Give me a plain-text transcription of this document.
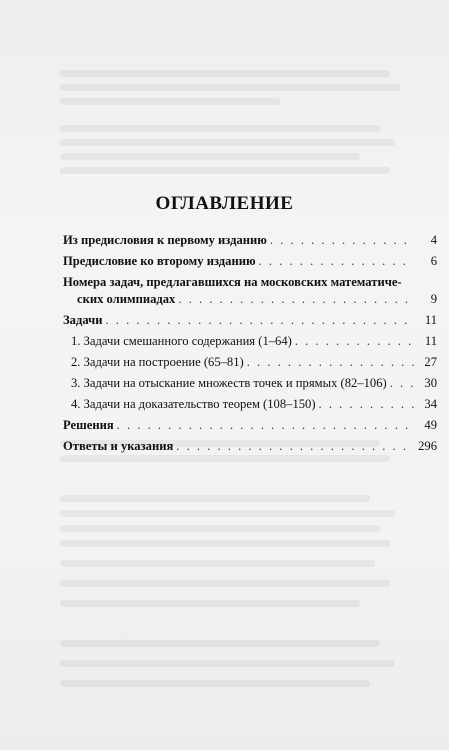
ОГЛАВЛЕНИЕ
Из предисловия к первому изданию . . .	4
Предисловие ко второму изданию . . .	6
Номера задач, предлагавшихся на московских математиче-
ских олимпиадах . . .	9
Задачи . . .	11
1. Задачи смешанного содержания (1–64) . . .	11
2. Задачи на построение (65–81) . . .	27
3. Задачи на отыскание множеств точек и прямых (82–106) . . .	30
4. Задачи на доказательство теорем (108–150) . . .	34
Решения . . .	49
Ответы и указания . . .	296
